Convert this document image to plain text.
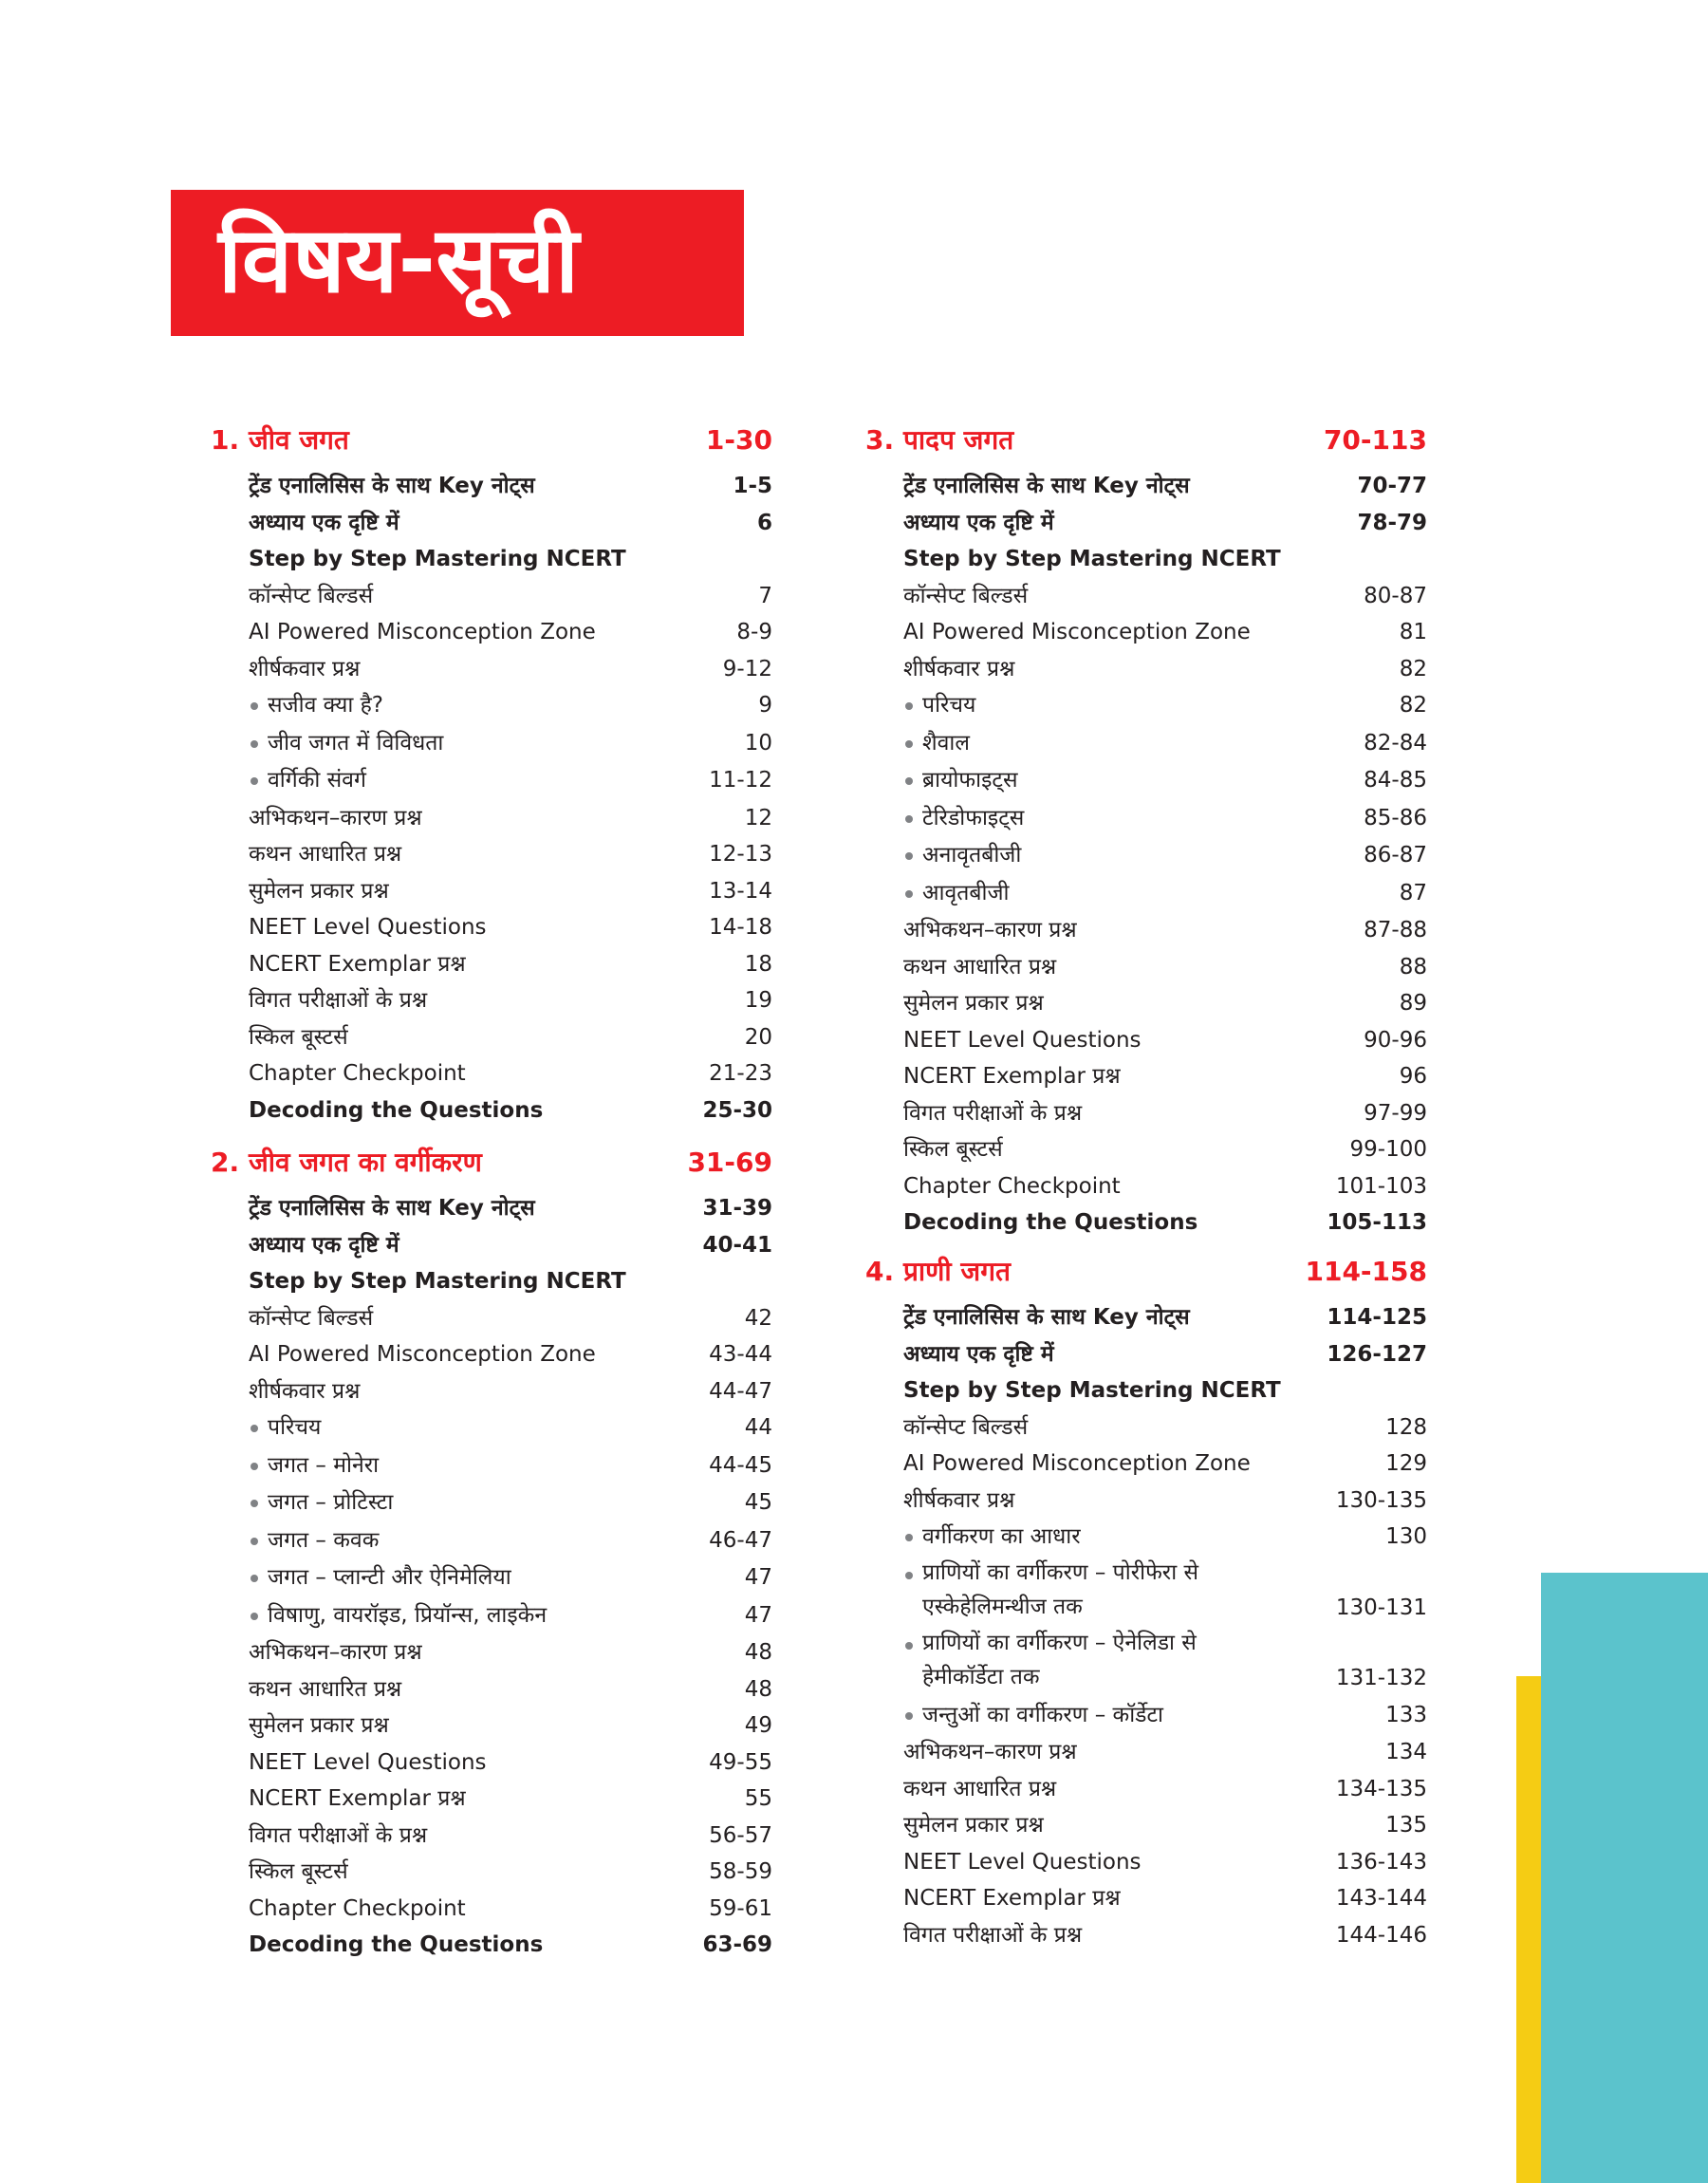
विषय-सूची
1. जीव जगत	1-30
ट्रेंड एनालिसिस के साथ Key नोट्स	1-5
अध्याय एक दृष्टि में	6
Step by Step Mastering NCERT
कॉन्सेप्ट बिल्डर्स	7
AI Powered Misconception Zone	8-9
शीर्षकवार प्रश्न	9-12
सजीव क्या है?	9
जीव जगत में विविधता	10
वर्गिकी संवर्ग	11-12
अभिकथन–कारण प्रश्न	12
कथन आधारित प्रश्न	12-13
सुमेलन प्रकार प्रश्न	13-14
NEET Level Questions	14-18
NCERT Exemplar प्रश्न	18
विगत परीक्षाओं के प्रश्न	19
स्किल बूस्टर्स	20
Chapter Checkpoint	21-23
Decoding the Questions	25-30
2. जीव जगत का वर्गीकरण	31-69
ट्रेंड एनालिसिस के साथ Key नोट्स	31-39
अध्याय एक दृष्टि में	40-41
Step by Step Mastering NCERT
कॉन्सेप्ट बिल्डर्स	42
AI Powered Misconception Zone	43-44
शीर्षकवार प्रश्न	44-47
परिचय	44
जगत – मोनेरा	44-45
जगत – प्रोटिस्टा	45
जगत – कवक	46-47
जगत – प्लान्टी और ऐनिमेलिया	47
विषाणु, वायरॉइड, प्रियॉन्स, लाइकेन	47
अभिकथन–कारण प्रश्न	48
कथन आधारित प्रश्न	48
सुमेलन प्रकार प्रश्न	49
NEET Level Questions	49-55
NCERT Exemplar प्रश्न	55
विगत परीक्षाओं के प्रश्न	56-57
स्किल बूस्टर्स	58-59
Chapter Checkpoint	59-61
Decoding the Questions	63-69
3. पादप जगत	70-113
ट्रेंड एनालिसिस के साथ Key नोट्स	70-77
अध्याय एक दृष्टि में	78-79
Step by Step Mastering NCERT
कॉन्सेप्ट बिल्डर्स	80-87
AI Powered Misconception Zone	81
शीर्षकवार प्रश्न	82
परिचय	82
शैवाल	82-84
ब्रायोफाइट्स	84-85
टेरिडोफाइट्स	85-86
अनावृतबीजी	86-87
आवृतबीजी	87
अभिकथन–कारण प्रश्न	87-88
कथन आधारित प्रश्न	88
सुमेलन प्रकार प्रश्न	89
NEET Level Questions	90-96
NCERT Exemplar प्रश्न	96
विगत परीक्षाओं के प्रश्न	97-99
स्किल बूस्टर्स	99-100
Chapter Checkpoint	101-103
Decoding the Questions	105-113
4. प्राणी जगत	114-158
ट्रेंड एनालिसिस के साथ Key नोट्स	114-125
अध्याय एक दृष्टि में	126-127
Step by Step Mastering NCERT
कॉन्सेप्ट बिल्डर्स	128
AI Powered Misconception Zone	129
शीर्षकवार प्रश्न	130-135
वर्गीकरण का आधार	130
प्राणियों का वर्गीकरण – पोरीफेरा से
एस्केहेलिमन्थीज तक	130-131
प्राणियों का वर्गीकरण – ऐनेलिडा से
हेमीकॉर्डेटा तक	131-132
जन्तुओं का वर्गीकरण – कॉर्डेटा	133
अभिकथन–कारण प्रश्न	134
कथन आधारित प्रश्न	134-135
सुमेलन प्रकार प्रश्न	135
NEET Level Questions	136-143
NCERT Exemplar प्रश्न	143-144
विगत परीक्षाओं के प्रश्न	144-146
